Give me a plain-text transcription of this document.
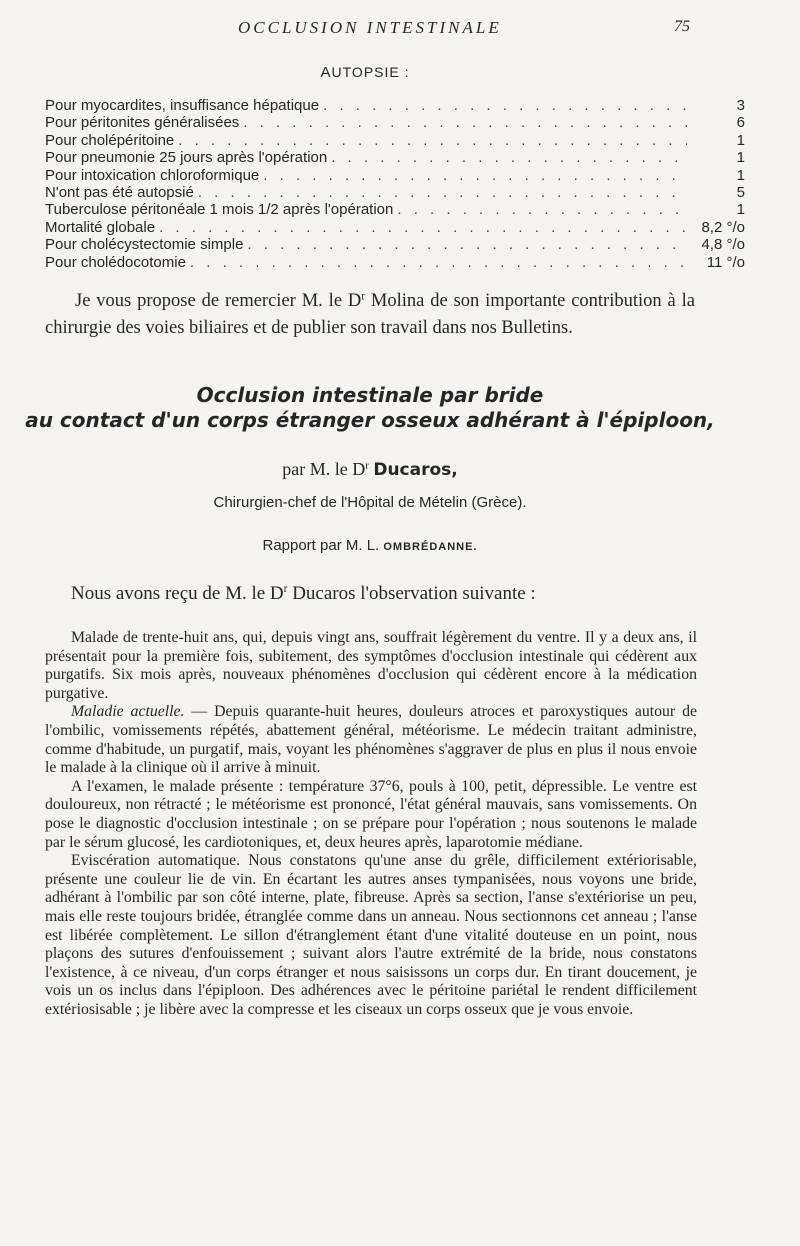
OCCLUSION INTESTINALE	75
AUTOPSIE :
Pour myocardites, insuffisance hépatique . . .	3
Pour péritonites généralisées . . .	6
Pour cholépéritoine . . .	1
Pour pneumonie 25 jours après l'opération . . .	1
Pour intoxication chloroformique . . .	1
N'ont pas été autopsié . . .	5
Tuberculose péritonéale 1 mois 1/2 après l'opération . . .	1
Mortalité globale . . .	8,2 °/o
Pour cholécystectomie simple . . .	4,8 °/o
Pour cholédocotomie . . .	11 °/o

Je vous propose de remercier M. le $D^r$ Molina de son importante contribution à la chirurgie des voies biliaires et de publier son travail dans nos Bulletins.

Occlusion intestinale par bride
au contact d'un corps étranger osseux adhérant à l'épiploon,
par M. le $D^r$ Ducaros,
Chirurgien-chef de l'Hôpital de Mételin (Grèce).
Rapport par M. L. OMBRÉDANNE.
Nous avons reçu de M. le $D^r$ Ducaros l'observation suivante :

Malade de trente-huit ans, qui, depuis vingt ans, souffrait légèrement du ventre. Il y a deux ans, il présentait pour la première fois, subitement, des symptômes d'occlusion intestinale qui cédèrent aux purgatifs. Six mois après, nouveaux phénomènes d'occlusion qui cédèrent encore à la médication purgative.

Maladie actuelle. — Depuis quarante-huit heures, douleurs atroces et paroxystiques autour de l'ombilic, vomissements répétés, abattement général, météorisme. Le médecin traitant administre, comme d'habitude, un purgatif, mais, voyant les phénomènes s'aggraver de plus en plus il nous envoie le malade à la clinique où il arrive à minuit.

A l'examen, le malade présente : température 37°6, pouls à 100, petit, dépressible. Le ventre est douloureux, non rétracté ; le météorisme est prononcé, l'état général mauvais, sans vomissements. On pose le diagnostic d'occlusion intestinale ; on se prépare pour l'opération ; nous soutenons le malade par le sérum glucosé, les cardiotoniques, et, deux heures après, laparotomie médiane.

Eviscération automatique. Nous constatons qu'une anse du grêle, difficilement extériorisable, présente une couleur lie de vin. En écartant les autres anses tympanisées, nous voyons une bride, adhérant à l'ombilic par son côté interne, plate, fibreuse. Après sa section, l'anse s'extériorise un peu, mais elle reste toujours bridée, étranglée comme dans un anneau. Nous sectionnons cet anneau ; l'anse est libérée complètement. Le sillon d'étranglement étant d'une vitalité douteuse en un point, nous plaçons des sutures d'enfouissement ; suivant alors l'autre extrémité de la bride, nous constatons l'existence, à ce niveau, d'un corps étranger et nous saisissons un corps dur. En tirant doucement, je vois un os inclus dans l'épiploon. Des adhérences avec le péritoine pariétal le rendent difficilement extériosisable ; je libère avec la compresse et les ciseaux un corps osseux que je vous envoie.
